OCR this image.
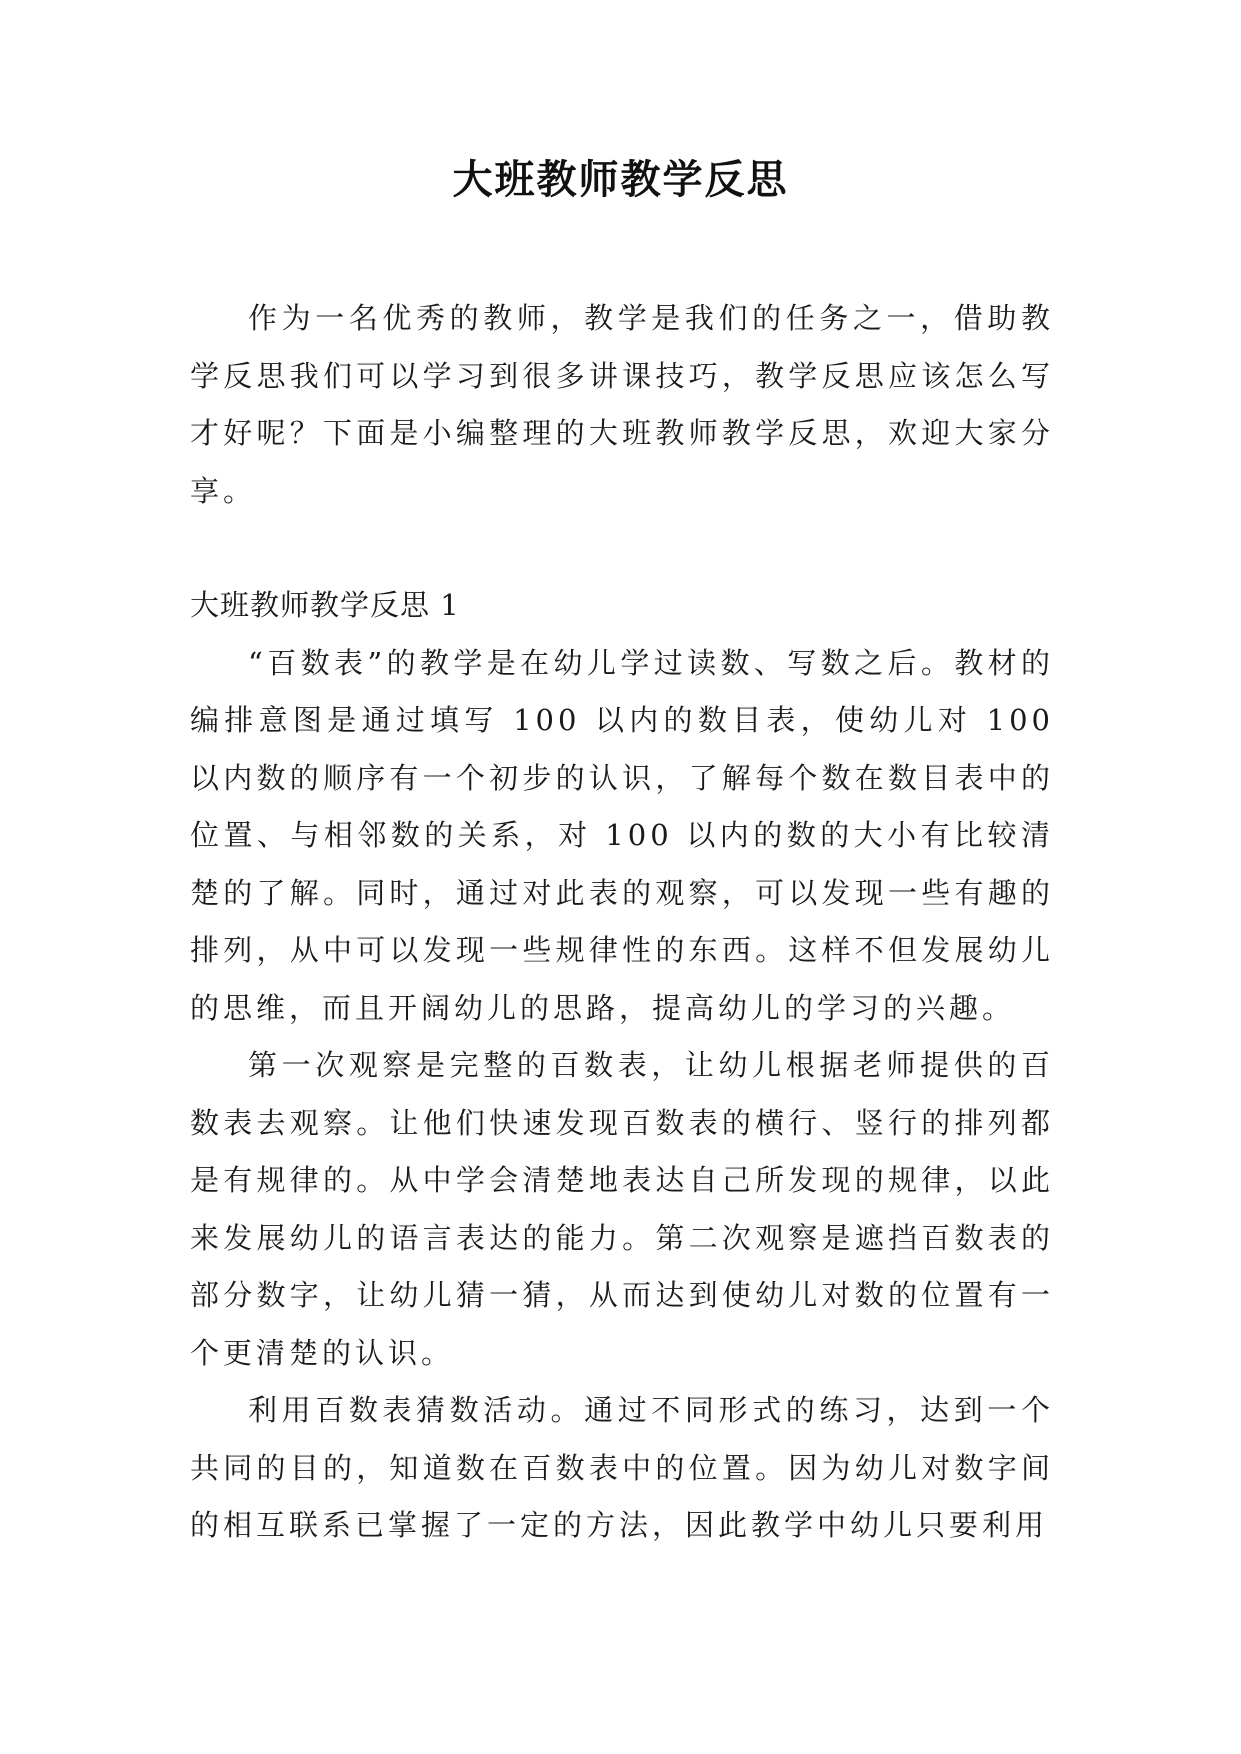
大班教师教学反思

作为一名优秀的教师，教学是我们的任务之一，借助教学反思我们可以学习到很多讲课技巧，教学反思应该怎么写才好呢？下面是小编整理的大班教师教学反思，欢迎大家分享。

大班教师教学反思 1

“百数表”的教学是在幼儿学过读数、写数之后。教材的编排意图是通过填写 100 以内的数目表，使幼儿对 100 以内数的顺序有一个初步的认识，了解每个数在数目表中的位置、与相邻数的关系，对 100 以内的数的大小有比较清楚的了解。同时，通过对此表的观察，可以发现一些有趣的排列，从中可以发现一些规律性的东西。这样不但发展幼儿的思维，而且开阔幼儿的思路，提高幼儿的学习的兴趣。

第一次观察是完整的百数表，让幼儿根据老师提供的百数表去观察。让他们快速发现百数表的横行、竖行的排列都是有规律的。从中学会清楚地表达自己所发现的规律，以此来发展幼儿的语言表达的能力。第二次观察是遮挡百数表的部分数字，让幼儿猜一猜，从而达到使幼儿对数的位置有一个更清楚的认识。

利用百数表猜数活动。通过不同形式的练习，达到一个共同的目的，知道数在百数表中的位置。因为幼儿对数字间的相互联系已掌握了一定的方法，因此教学中幼儿只要利用
